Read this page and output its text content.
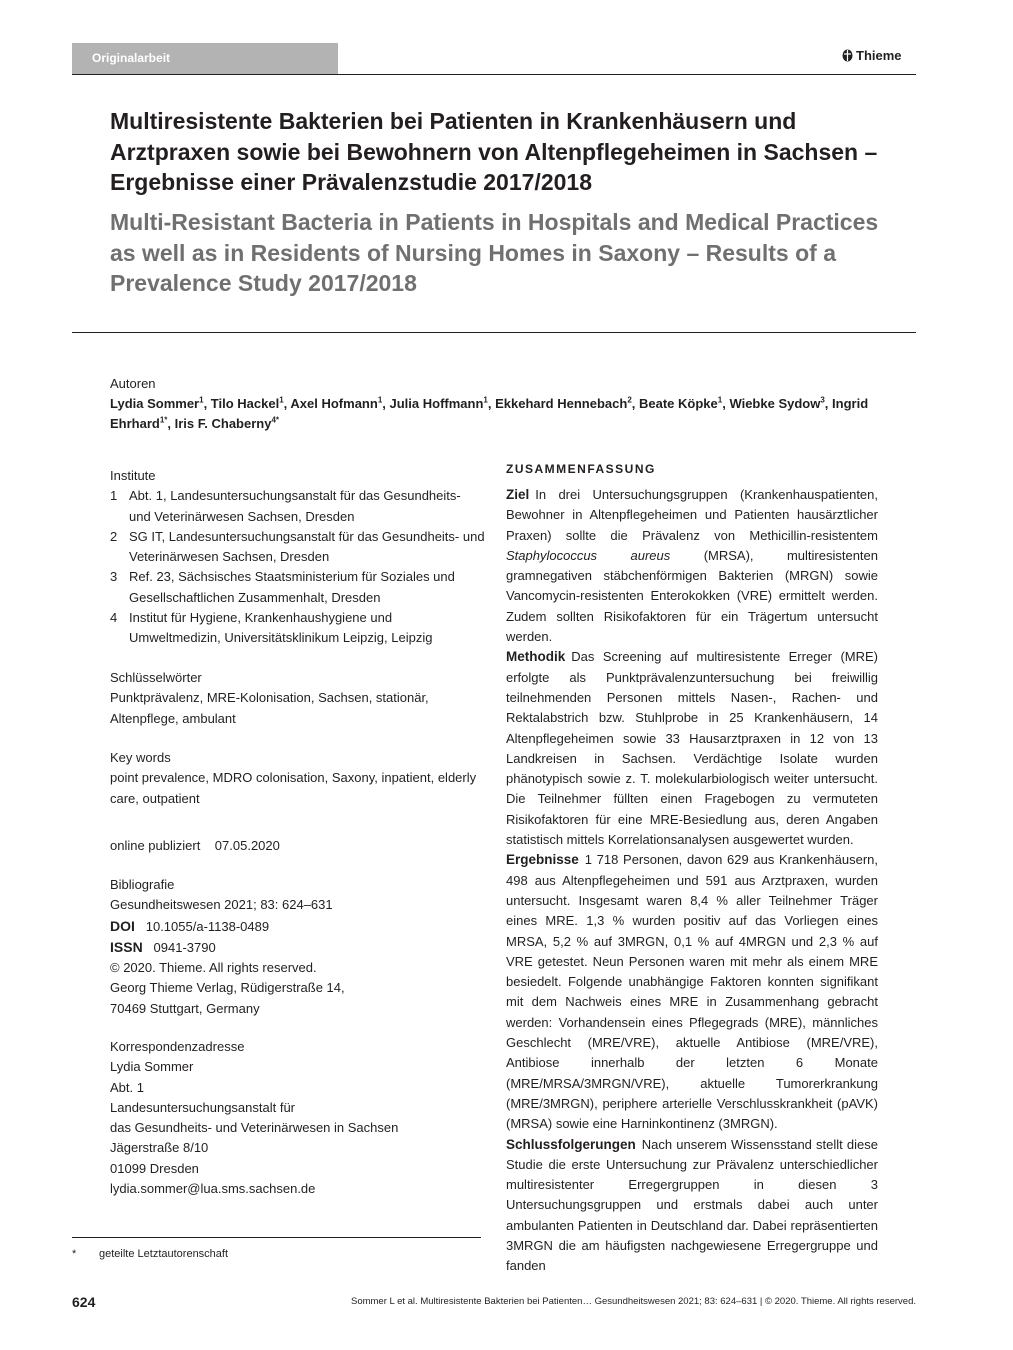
Originalarbeit	Thieme
Multiresistente Bakterien bei Patienten in Krankenhäusern und Arztpraxen sowie bei Bewohnern von Altenpflegeheimen in Sachsen – Ergebnisse einer Prävalenzstudie 2017/2018
Multi-Resistant Bacteria in Patients in Hospitals and Medical Practices as well as in Residents of Nursing Homes in Saxony – Results of a Prevalence Study 2017/2018
Autoren
Lydia Sommer$^1$, Tilo Hackel$^1$, Axel Hofmann$^1$, Julia Hoffmann$^1$, Ekkehard Hennebach$^2$, Beate Köpke$^1$, Wiebke Sydow$^3$, Ingrid Ehrhard$^{1*}$, Iris F. Chaberny$^{4*}$
Institute
1 Abt. 1, Landesuntersuchungsanstalt für das Gesundheits- und Veterinärwesen Sachsen, Dresden
2 SG IT, Landesuntersuchungsanstalt für das Gesundheits- und Veterinärwesen Sachsen, Dresden
3 Ref. 23, Sächsisches Staatsministerium für Soziales und Gesellschaftlichen Zusammenhalt, Dresden
4 Institut für Hygiene, Krankenhaushygiene und Umweltmedizin, Universitätsklinikum Leipzig, Leipzig
Schlüsselwörter
Punktprävalenz, MRE-Kolonisation, Sachsen, stationär, Altenpflege, ambulant
Key words
point prevalence, MDRO colonisation, Saxony, inpatient, elderly care, outpatient
online publiziert 07.05.2020
Bibliografie
Gesundheitswesen 2021; 83: 624–631
DOI 10.1055/a-1138-0489
ISSN 0941-3790
© 2020. Thieme. All rights reserved.
Georg Thieme Verlag, Rüdigerstraße 14,
70469 Stuttgart, Germany
Korrespondenzadresse
Lydia Sommer
Abt. 1
Landesuntersuchungsanstalt für
das Gesundheits- und Veterinärwesen in Sachsen
Jägerstraße 8/10
01099 Dresden
lydia.sommer@lua.sms.sachsen.de
ZUSAMMENFASSUNG

Ziel In drei Untersuchungsgruppen (Krankenhauspatienten, Bewohner in Altenpflegeheimen und Patienten hausärztlicher Praxen) sollte die Prävalenz von Methicillin-resistentem Staphylococcus aureus (MRSA), multiresistenten gramnegativen stäbchenförmigen Bakterien (MRGN) sowie Vancomycin-resistenten Enterokokken (VRE) ermittelt werden. Zudem sollten Risikofaktoren für ein Trägertum untersucht werden.

Methodik Das Screening auf multiresistente Erreger (MRE) erfolgte als Punktprävalenzuntersuchung bei freiwillig teilnehmenden Personen mittels Nasen-, Rachen- und Rektalabstrich bzw. Stuhlprobe in 25 Krankenhäusern, 14 Altenpflegeheimen sowie 33 Hausarztpraxen in 12 von 13 Landkreisen in Sachsen. Verdächtige Isolate wurden phänotypisch sowie z. T. molekularbiologisch weiter untersucht. Die Teilnehmer füllten einen Fragebogen zu vermuteten Risikofaktoren für eine MRE-Besiedlung aus, deren Angaben statistisch mittels Korrelationsanalysen ausgewertet wurden.

Ergebnisse 1 718 Personen, davon 629 aus Krankenhäusern, 498 aus Altenpflegeheimen und 591 aus Arztpraxen, wurden untersucht. Insgesamt waren 8,4 % aller Teilnehmer Träger eines MRE. 1,3 % wurden positiv auf das Vorliegen eines MRSA, 5,2 % auf 3MRGN, 0,1 % auf 4MRGN und 2,3 % auf VRE getestet. Neun Personen waren mit mehr als einem MRE besiedelt. Folgende unabhängige Faktoren konnten signifikant mit dem Nachweis eines MRE in Zusammenhang gebracht werden: Vorhandensein eines Pflegegrads (MRE), männliches Geschlecht (MRE/VRE), aktuelle Antibiose (MRE/VRE), Antibiose innerhalb der letzten 6 Monate (MRE/MRSA/3MRGN/VRE), aktuelle Tumorerkrankung (MRE/3MRGN), periphere arterielle Verschlusskrankheit (pAVK) (MRSA) sowie eine Harninkontinenz (3MRGN).

Schlussfolgerungen Nach unserem Wissensstand stellt diese Studie die erste Untersuchung zur Prävalenz unterschiedlicher multiresistenter Erregergruppen in diesen 3 Untersuchungsgruppen und erstmals dabei auch unter ambulanten Patienten in Deutschland dar. Dabei repräsentierten 3MRGN die am häufigsten nachgewiesene Erregergruppe und fanden

* geteilte Letztautorenschaft
624	Sommer L et al. Multiresistente Bakterien bei Patienten… Gesundheitswesen 2021; 83: 624–631 | © 2020. Thieme. All rights reserved.
